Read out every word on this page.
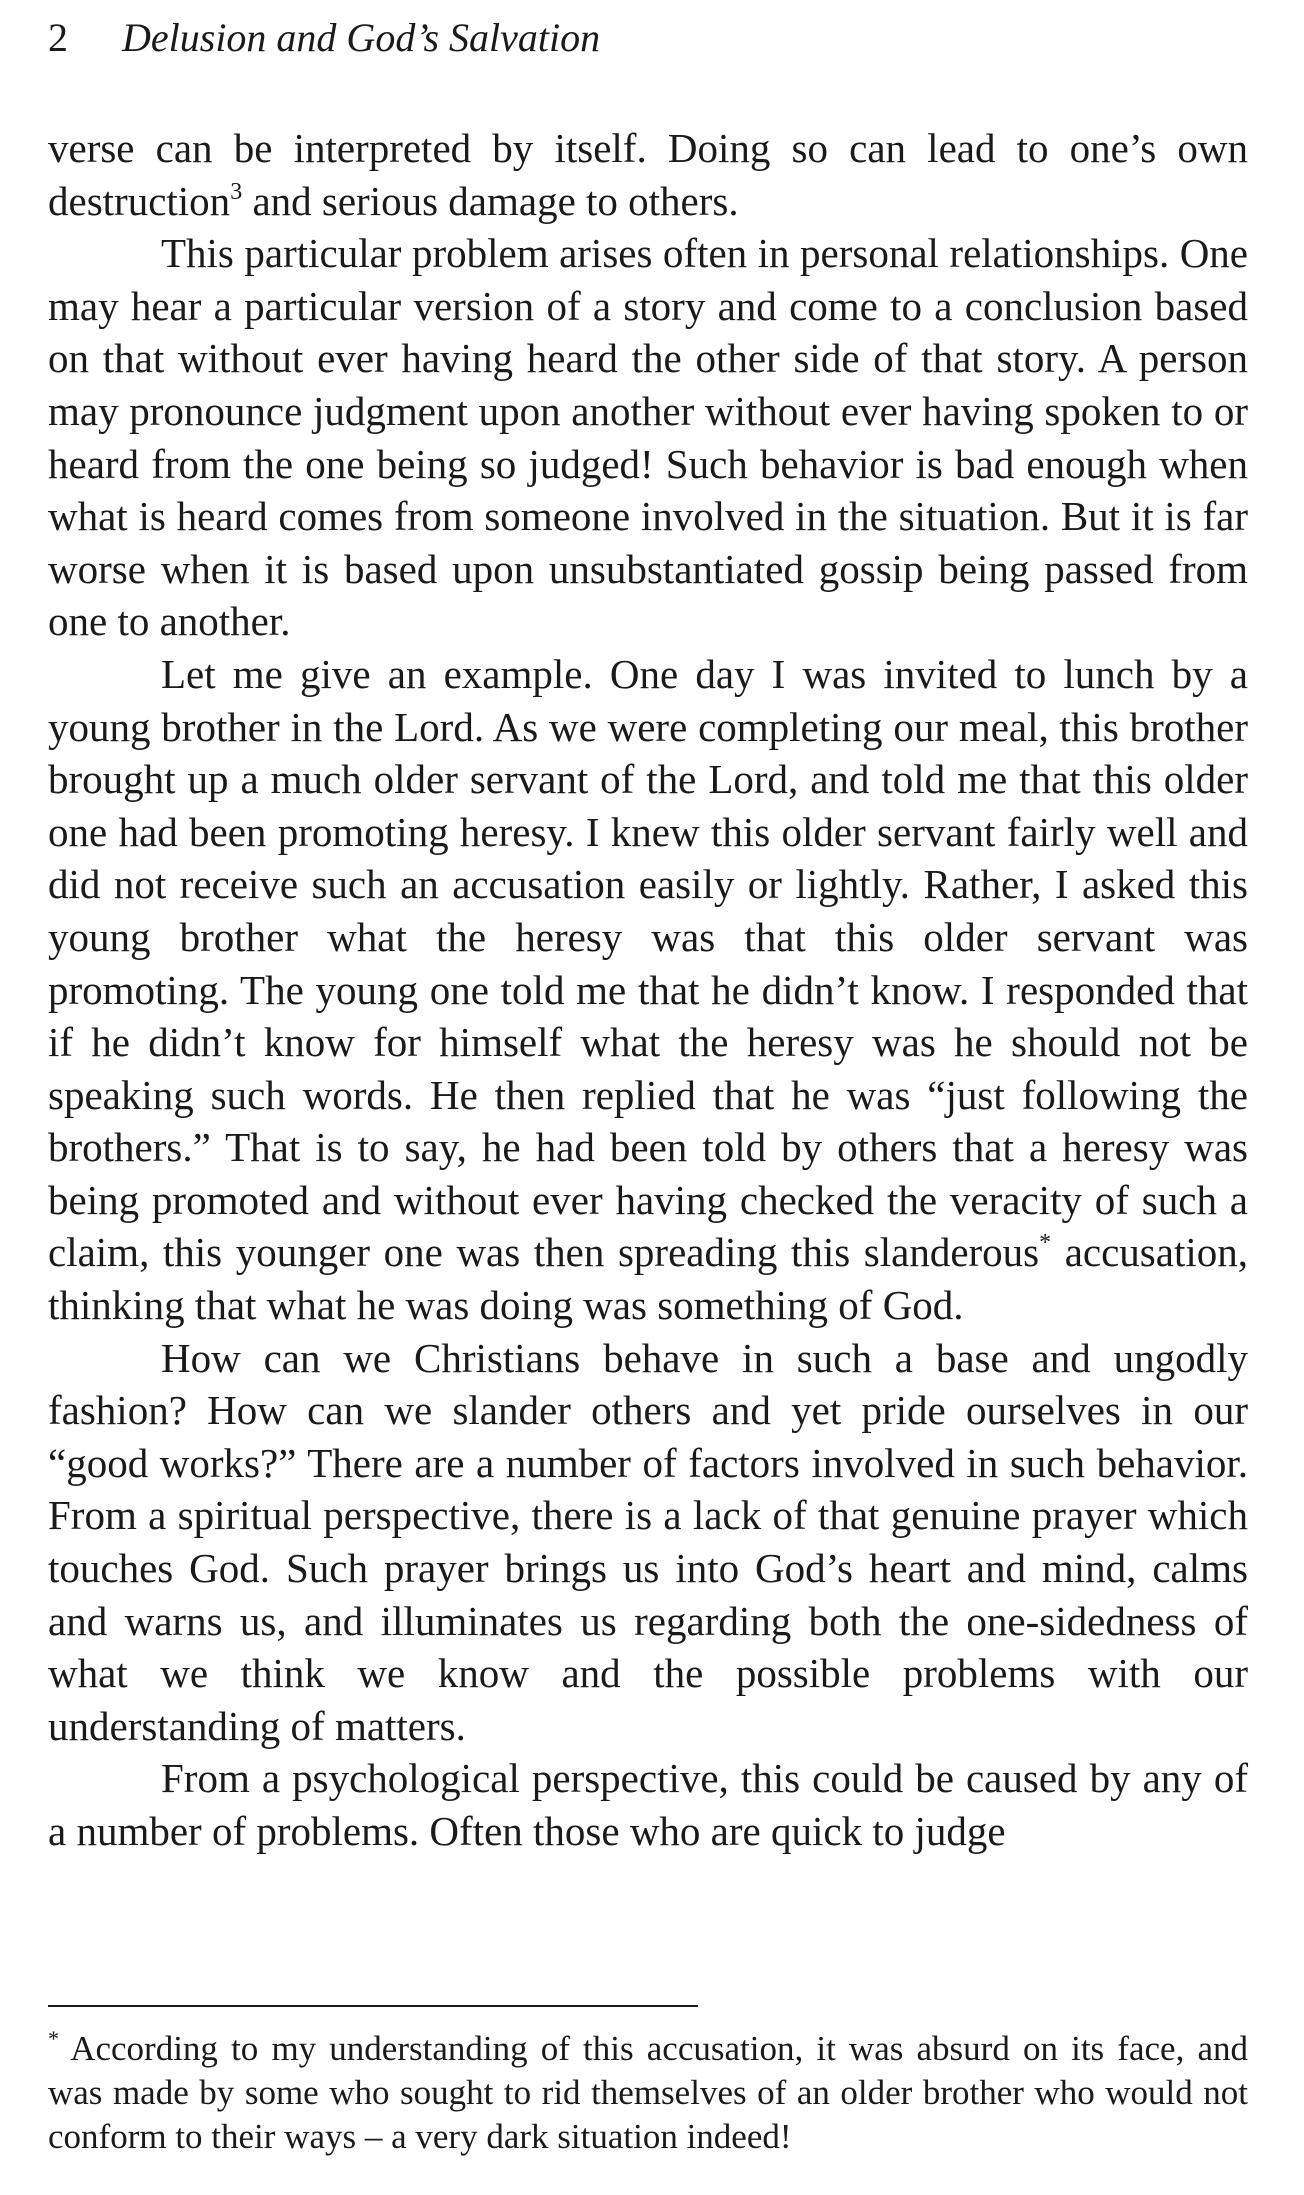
2 Delusion and God’s Salvation

verse can be interpreted by itself. Doing so can lead to one’s own destruction$^3$ and serious damage to others.

This particular problem arises often in personal relationships. One may hear a particular version of a story and come to a conclusion based on that without ever having heard the other side of that story. A person may pronounce judgment upon another without ever having spoken to or heard from the one being so judged! Such behavior is bad enough when what is heard comes from someone involved in the situation. But it is far worse when it is based upon unsubstantiated gossip being passed from one to another.

Let me give an example. One day I was invited to lunch by a young brother in the Lord. As we were completing our meal, this brother brought up a much older servant of the Lord, and told me that this older one had been promoting heresy. I knew this older servant fairly well and did not receive such an accusation easily or lightly. Rather, I asked this young brother what the heresy was that this older servant was promoting. The young one told me that he didn’t know. I responded that if he didn’t know for himself what the heresy was he should not be speaking such words. He then replied that he was “just following the brothers.” That is to say, he had been told by others that a heresy was being promoted and without ever having checked the veracity of such a claim, this younger one was then spreading this slanderous* accusation, thinking that what he was doing was something of God.

How can we Christians behave in such a base and ungodly fashion? How can we slander others and yet pride ourselves in our “good works?” There are a number of factors involved in such behavior. From a spiritual perspective, there is a lack of that genuine prayer which touches God. Such prayer brings us into God’s heart and mind, calms and warns us, and illuminates us regarding both the one-sidedness of what we think we know and the possible problems with our understanding of matters.

From a psychological perspective, this could be caused by any of a number of problems. Often those who are quick to judge

* According to my understanding of this accusation, it was absurd on its face, and was made by some who sought to rid themselves of an older brother who would not conform to their ways – a very dark situation indeed!
